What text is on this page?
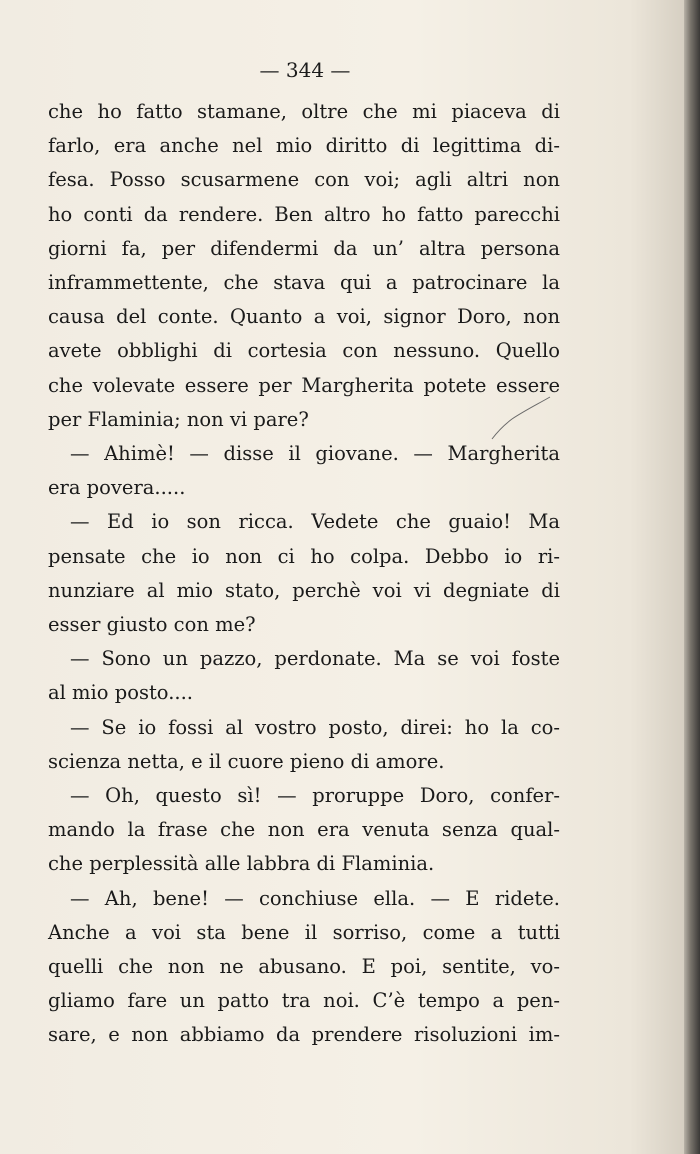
— 344 —
che ho fatto stamane, oltre che mi piaceva di
farlo, era anche nel mio diritto di legittima di-
fesa. Posso scusarmene con voi; agli altri non
ho conti da rendere. Ben altro ho fatto parecchi
giorni fa, per difendermi da un’ altra persona
inframmettente, che stava qui a patrocinare la
causa del conte. Quanto a voi, signor Doro, non
avete obblighi di cortesia con nessuno. Quello
che volevate essere per Margherita potete essere
per Flaminia; non vi pare?
— Ahimè! — disse il giovane. — Margherita
era povera.....
— Ed io son ricca. Vedete che guaio! Ma
pensate che io non ci ho colpa. Debbo io ri-
nunziare al mio stato, perchè voi vi degniate di
esser giusto con me?
— Sono un pazzo, perdonate. Ma se voi foste
al mio posto....
— Se io fossi al vostro posto, direi: ho la co-
scienza netta, e il cuore pieno di amore.
— Oh, questo sì! — proruppe Doro, confer-
mando la frase che non era venuta senza qual-
che perplessità alle labbra di Flaminia.
— Ah, bene! — conchiuse ella. — E ridete.
Anche a voi sta bene il sorriso, come a tutti
quelli che non ne abusano. E poi, sentite, vo-
gliamo fare un patto tra noi. C’è tempo a pen-
sare, e non abbiamo da prendere risoluzioni im-
